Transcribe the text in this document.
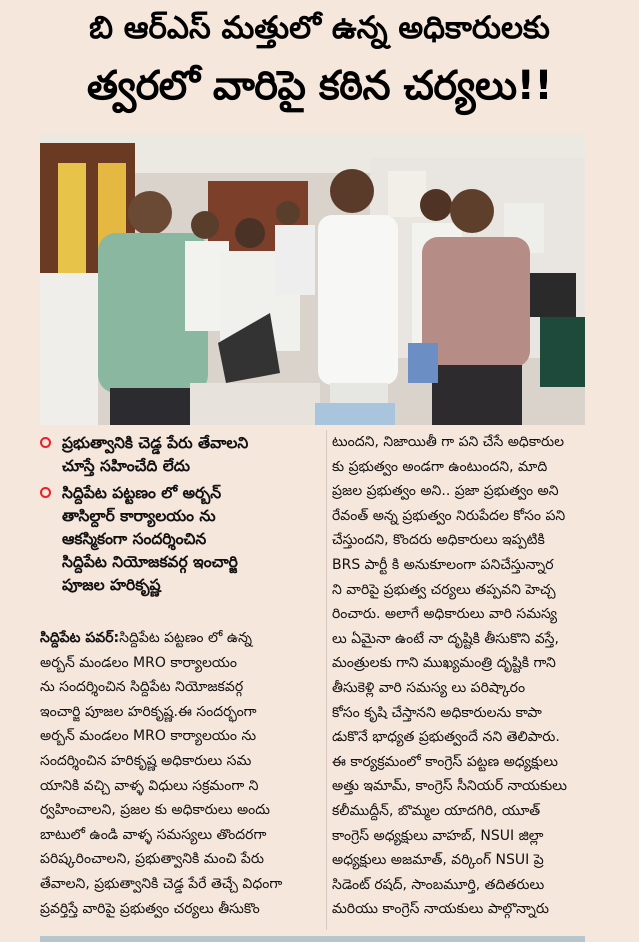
బి ఆర్ఎస్ మత్తులో ఉన్న అధికారులకు
త్వరలో వారిపై కఠిన చర్యలు!!
ప్రభుత్వానికి చెడ్డ పేరు తేవాలని
చూస్తే సహించేది లేదు
సిద్దిపేట పట్టణం లో అర్బన్
తాసిల్దార్ కార్యాలయం ను
ఆకస్మికంగా సందర్శించిన
సిద్దిపేట నియోజకవర్గ ఇంచార్జి
పూజల హరికృష్ణ
సిద్దిపేట పవర్:సిద్దిపేట పట్టణం లో ఉన్న
అర్బన్ మండలం MRO కార్యాలయం
ను సందర్శించిన సిద్దిపేట నియోజకవర్గ
ఇంచార్జి పూజల హరికృష్ణ.ఈ సందర్భంగా
అర్బన్ మండలం MRO కార్యాలయం ను
సందర్శించిన హరికృష్ణ అధికారులు సమ
యానికి వచ్చి వాళ్ళ విధులు సక్రమంగా ని
ర్వహించాలని, ప్రజల కు అధికారులు అందు
బాటులో ఉండి వాళ్ళ సమస్యలు తొందరగా
పరిష్కరించాలని, ప్రభుత్వానికి మంచి పేరు
తేవాలని, ప్రభుత్వానికి చెడ్డ పేరే తెచ్చే విధంగా
ప్రవర్తిస్తే వారిపై ప్రభుత్వం చర్యలు తీసుకొం
టుందని, నిజాయితీ గా పని చేసే అధికారుల
కు ప్రభుత్వం అండగా ఉంటుందని, మాది
ప్రజల ప్రభుత్వం అని.. ప్రజా ప్రభుత్వం అని
రేవంత్ అన్న ప్రభుత్వం నిరుపేదల కోసం పని
చేస్తుందని, కొందరు అధికారులు ఇప్పటికి
BRS పార్టీ కి అనుకూలంగా పనిచేస్తున్నార
ని వారిపై ప్రభుత్వ చర్యలు తప్పవని హెచ్చ
రించారు. అలాగే అధికారులు వారి సమస్య
లు ఏమైనా ఉంటే నా దృష్టికి తీసుకొని వస్తే,
మంత్రులకు గాని ముఖ్యమంత్రి దృష్టికి గాని
తీసుకెళ్లి వారి సమస్య లు పరిష్కారం
కోసం కృషి చేస్తానని అధికారులను కాపా
డుకొనే భాధ్యత ప్రభుత్వందే నని తెలిపారు.
ఈ కార్యక్రమంలో కాంగ్రెస్ పట్టణ అధ్యక్షులు
అత్తు ఇమామ్, కాంగ్రెస్ సీనియర్ నాయకులు
కలీముద్దీన్, బొమ్మల యాదగిరి, యూత్
కాంగ్రెస్ అధ్యక్షులు వాహబ్, NSUI జిల్లా
అధ్యక్షులు అజమాత్, వర్కింగ్ NSUI ప్రె
సిడెంట్ రషద్, సాంబమూర్తి, తదితరులు
మరియు కాంగ్రెస్ నాయకులు పాల్గొన్నారు
